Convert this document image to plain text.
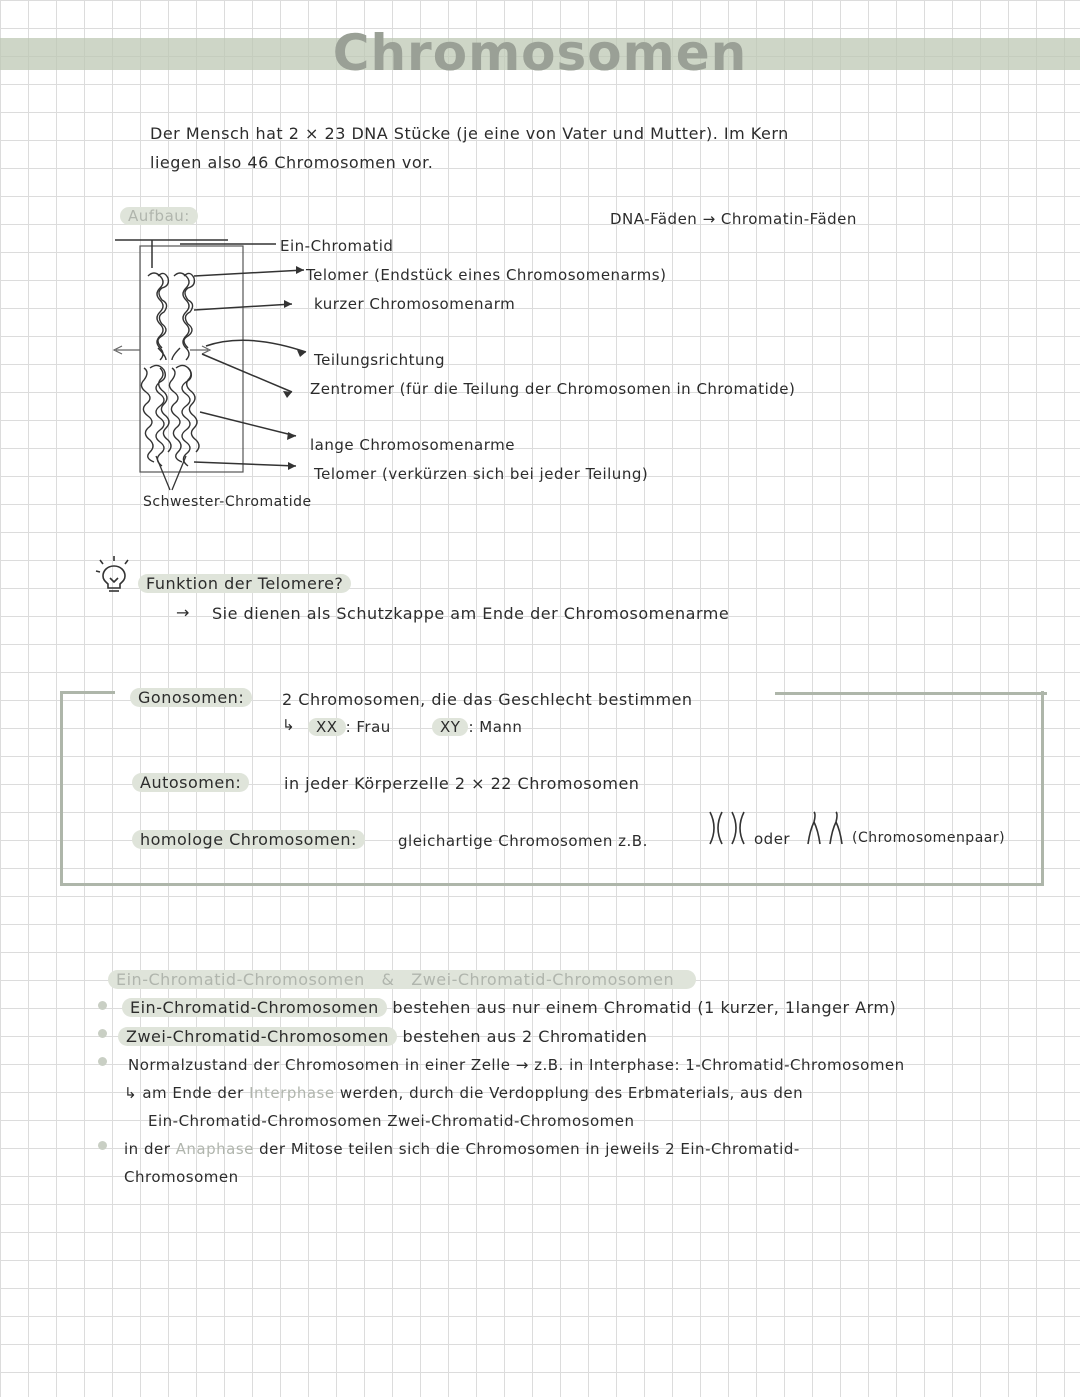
Chromosomen
Der Mensch hat 2 × 23 DNA Stücke (je eine von Vater und Mutter). Im Kern
liegen also 46 Chromosomen vor.
Aufbau:	DNA-Fäden → Chromatin-Fäden
Ein-Chromatid
Telomer (Endstück eines Chromosomenarms)
kurzer Chromosomenarm
Teilungsrichtung
Zentromer (für die Teilung der Chromosomen in Chromatide)
lange Chromosomenarme
Telomer (verkürzen sich bei jeder Teilung)
Schwester-Chromatide
Funktion der Telomere?
→ Sie dienen als Schutzkappe am Ende der Chromosomenarme
Gonosomen:	2 Chromosomen, die das Geschlecht bestimmen
↳	XX : Frau	XY : Mann
Autosomen:	in jeder Körperzelle 2 × 22 Chromosomen
homologe Chromosomen:	gleichartige Chromosomen z.B.	oder	(Chromosomenpaar)
Ein-Chromatid-Chromosomen & Zwei-Chromatid-Chromosomen
Ein-Chromatid-Chromosomen bestehen aus nur einem Chromatid (1 kurzer, 1langer Arm)
Zwei-Chromatid-Chromosomen bestehen aus 2 Chromatiden
Normalzustand der Chromosomen in einer Zelle → z.B. in Interphase: 1-Chromatid-Chromosomen
↳ am Ende der Interphase werden, durch die Verdopplung des Erbmaterials, aus den
Ein-Chromatid-Chromosomen Zwei-Chromatid-Chromosomen
in der Anaphase der Mitose teilen sich die Chromosomen in jeweils 2 Ein-Chromatid-
Chromosomen
